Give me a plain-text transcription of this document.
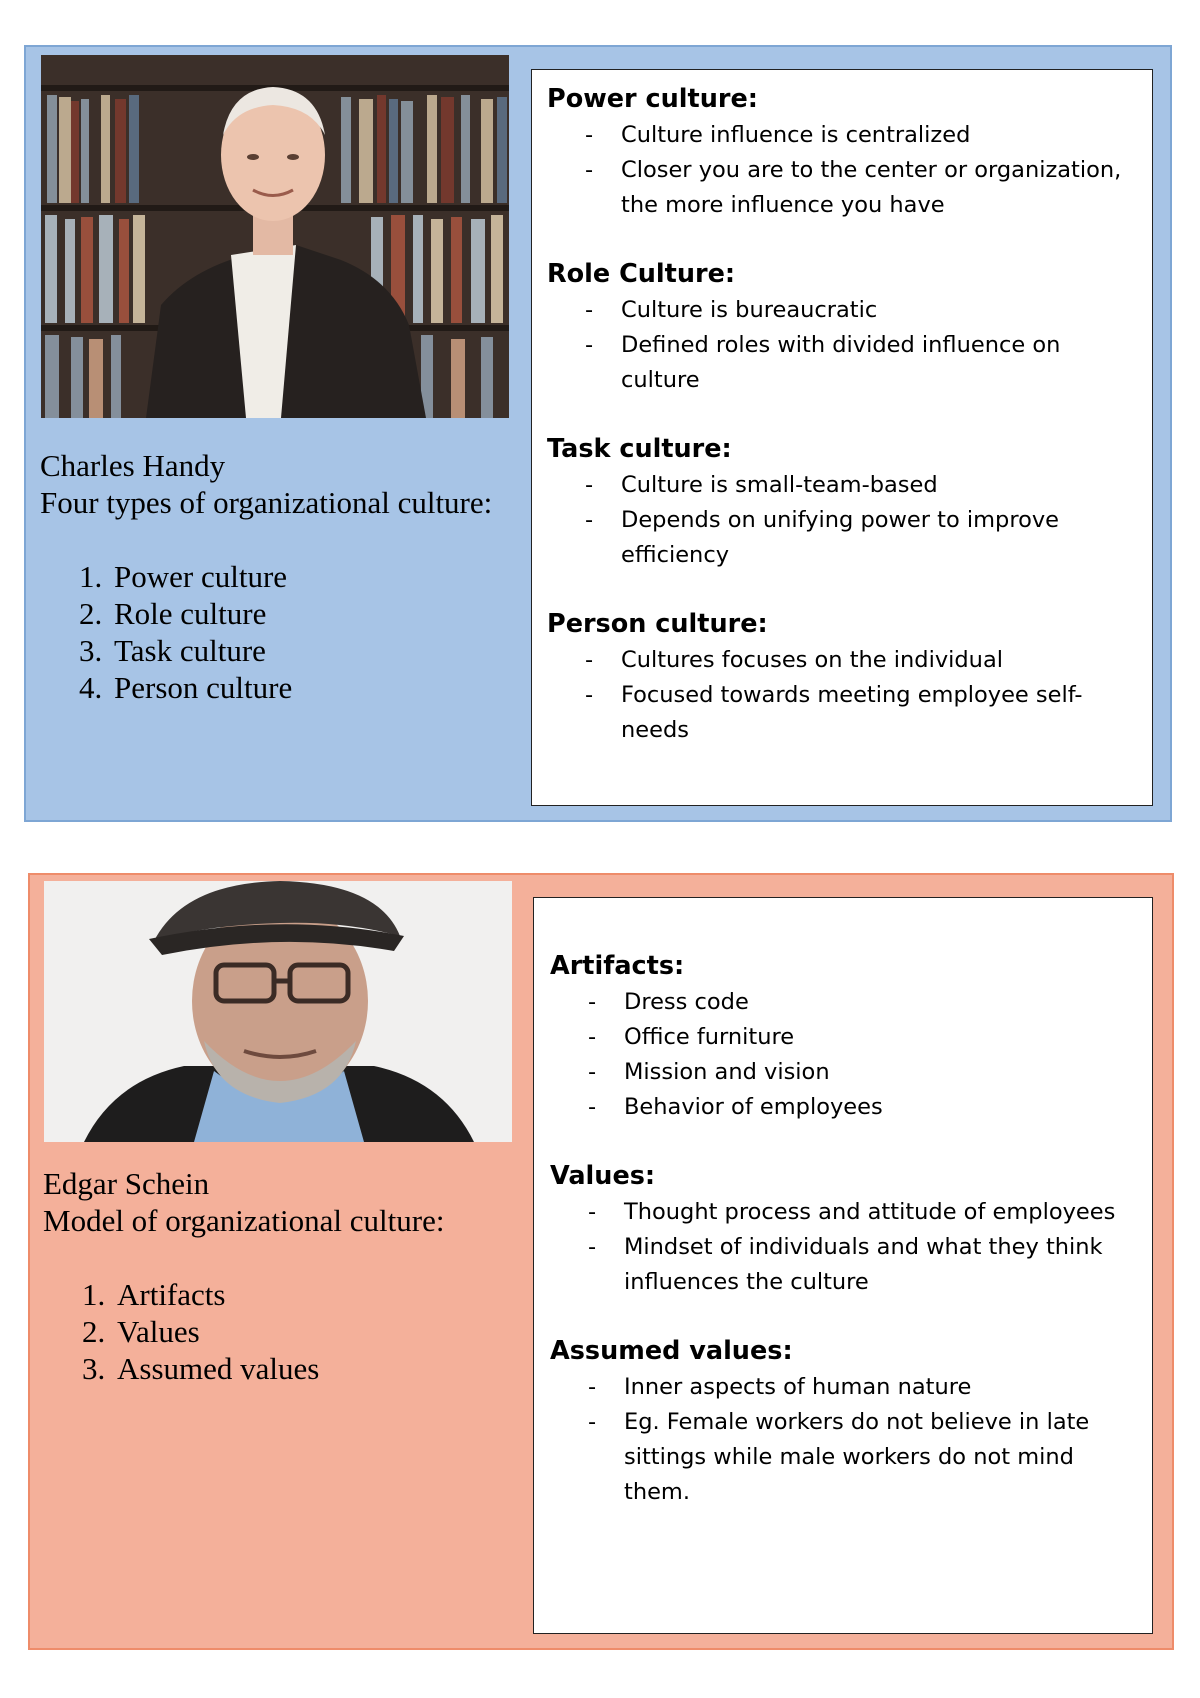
Charles Handy
Four types of organizational culture:
1. Power culture
2. Role culture
3. Task culture
4. Person culture
Power culture:
- Culture influence is centralized
- Closer you are to the center or organization, the more influence you have
Role Culture:
- Culture is bureaucratic
- Defined roles with divided influence on culture
Task culture:
- Culture is small-team-based
- Depends on unifying power to improve efficiency
Person culture:
- Cultures focuses on the individual
- Focused towards meeting employee self-needs
Edgar Schein
Model of organizational culture:
1. Artifacts
2. Values
3. Assumed values
Artifacts:
- Dress code
- Office furniture
- Mission and vision
- Behavior of employees
Values:
- Thought process and attitude of employees
- Mindset of individuals and what they think influences the culture
Assumed values:
- Inner aspects of human nature
- Eg. Female workers do not believe in late sittings while male workers do not mind them.
